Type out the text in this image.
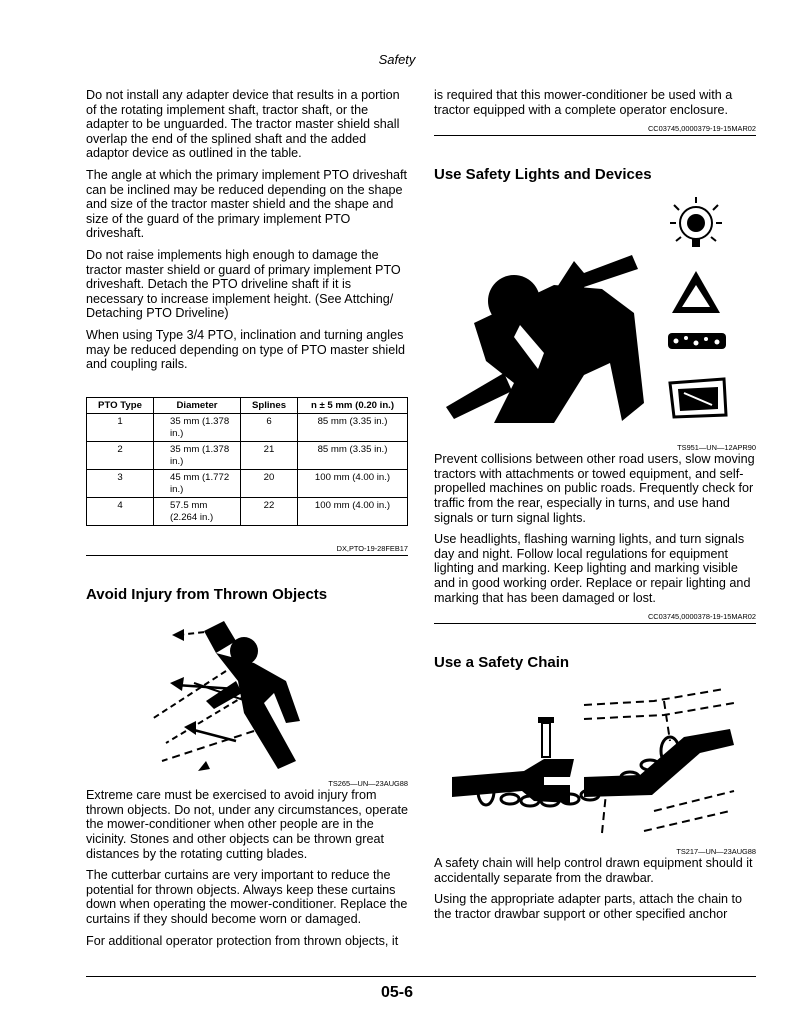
Safety

Do not install any adapter device that results in a portion of the rotating implement shaft, tractor shaft, or the adapter to be unguarded. The tractor master shield shall overlap the end of the splined shaft and the added adaptor device as outlined in the table.

The angle at which the primary implement PTO driveshaft can be inclined may be reduced depending on the shape and size of the tractor master shield and the shape and size of the guard of the primary implement PTO driveshaft.

Do not raise implements high enough to damage the tractor master shield or guard of primary implement PTO driveshaft. Detach the PTO driveline shaft if it is necessary to increase implement height. (See Attching/ Detaching PTO Driveline)

When using Type 3/4 PTO, inclination and turning angles may be reduced depending on type of PTO master shield and coupling rails.

PTO Type	Diameter	Splines	n ± 5 mm (0.20 in.)
1	35 mm (1.378 in.)	6	85 mm (3.35 in.)
2	35 mm (1.378 in.)	21	85 mm (3.35 in.)
3	45 mm (1.772 in.)	20	100 mm (4.00 in.)
4	57.5 mm (2.264 in.)	22	100 mm (4.00 in.)

DX,PTO-19-28FEB17

Avoid Injury from Thrown Objects

TS265—UN—23AUG88

Extreme care must be exercised to avoid injury from thrown objects. Do not, under any circumstances, operate the mower-conditioner when other people are in the vicinity. Stones and other objects can be thrown great distances by the rotating cutting blades.

The cutterbar curtains are very important to reduce the potential for thrown objects. Always keep these curtains down when operating the mower-conditioner. Replace the curtains if they should become worn or damaged.

For additional operator protection from thrown objects, it

is required that this mower-conditioner be used with a tractor equipped with a complete operator enclosure.

CC03745,0000379-19-15MAR02

Use Safety Lights and Devices

TS951—UN—12APR90

Prevent collisions between other road users, slow moving tractors with attachments or towed equipment, and self-propelled machines on public roads. Frequently check for traffic from the rear, especially in turns, and use hand signals or turn signal lights.

Use headlights, flashing warning lights, and turn signals day and night. Follow local regulations for equipment lighting and marking. Keep lighting and marking visible and in good working order. Replace or repair lighting and marking that has been damaged or lost.

CC03745,0000378-19-15MAR02

Use a Safety Chain

TS217—UN—23AUG88

A safety chain will help control drawn equipment should it accidentally separate from the drawbar.

Using the appropriate adapter parts, attach the chain to the tractor drawbar support or other specified anchor

05-6
